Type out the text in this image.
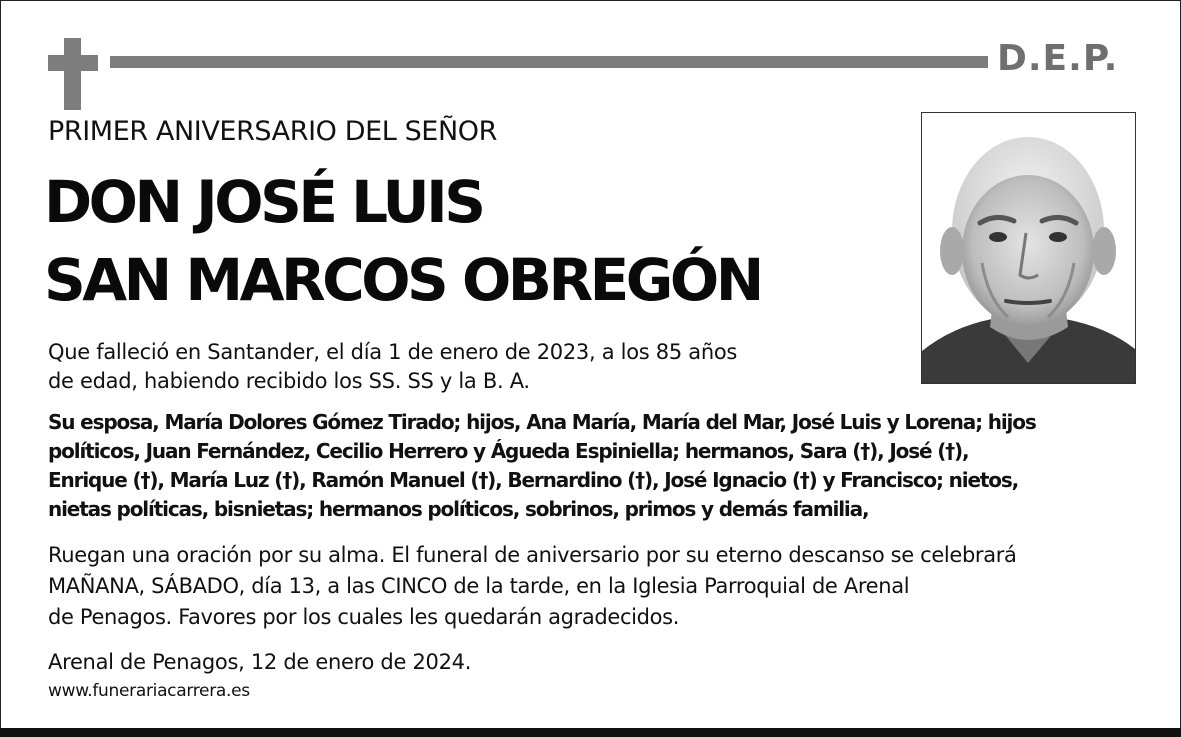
D.E.P.
PRIMER ANIVERSARIO DEL SEÑOR
DON JOSÉ LUIS
SAN MARCOS OBREGÓN
Que falleció en Santander, el día 1 de enero de 2023, a los 85 años
de edad, habiendo recibido los SS. SS y la B. A.
Su esposa, María Dolores Gómez Tirado; hijos, Ana María, María del Mar, José Luis y Lorena; hijos
políticos, Juan Fernández, Cecilio Herrero y Águeda Espiniella; hermanos, Sara (†), José (†),
Enrique (†), María Luz (†), Ramón Manuel (†), Bernardino (†), José Ignacio (†) y Francisco; nietos,
nietas políticas, bisnietas; hermanos políticos, sobrinos, primos y demás familia,
Ruegan una oración por su alma. El funeral de aniversario por su eterno descanso se celebrará
MAÑANA, SÁBADO, día 13, a las CINCO de la tarde, en la Iglesia Parroquial de Arenal
de Penagos. Favores por los cuales les quedarán agradecidos.
Arenal de Penagos, 12 de enero de 2024.
www.funerariacarrera.es
